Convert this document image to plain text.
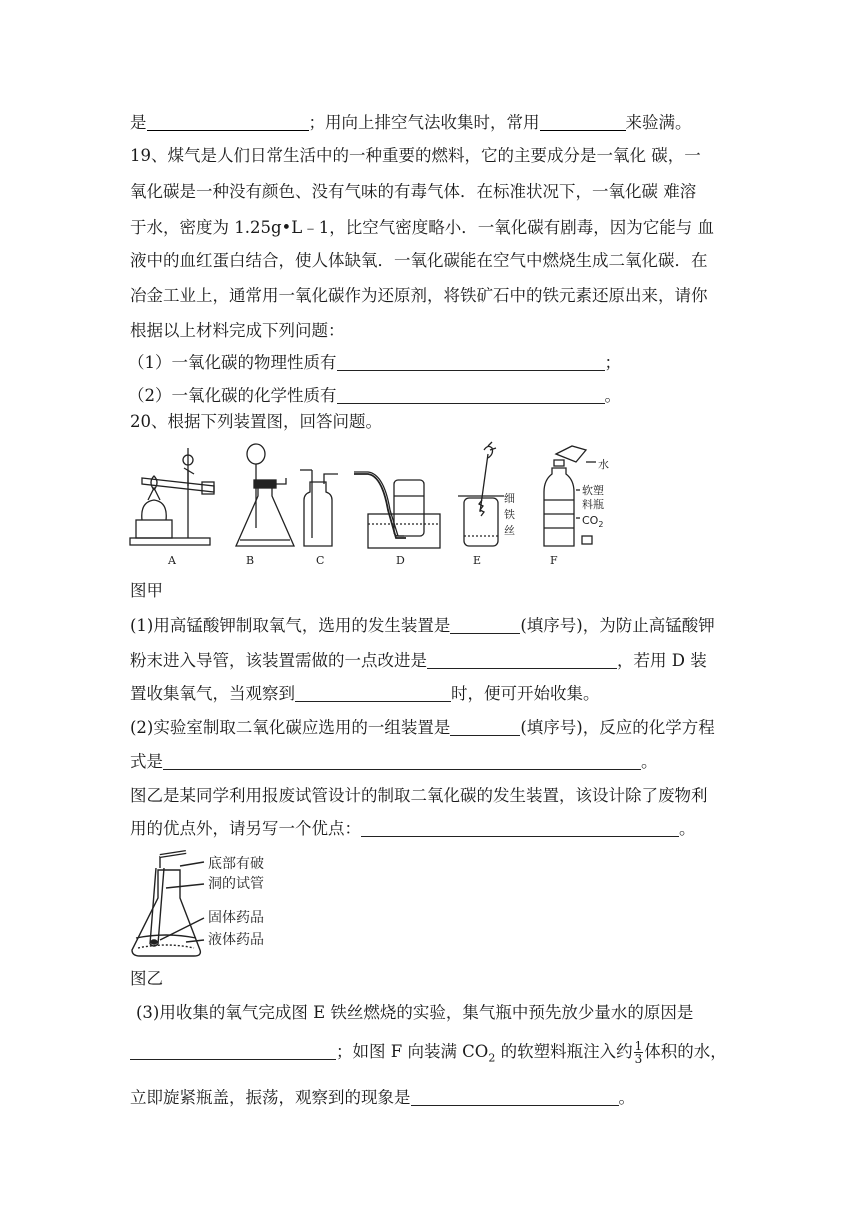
是	；用向上排空气法收集时，常用	来验满。
19、煤气是人们日常生活中的一种重要的燃料，它的主要成分是一氧化 碳，一
氧化碳是一种没有颜色、没有气味的有毒气体．在标准状况下，一氧化碳 难溶
于水，密度为 1.25g•L﹣1，比空气密度略小．一氧化碳有剧毒，因为它能与 血
液中的血红蛋白结合，使人体缺氧．一氧化碳能在空气中燃烧生成二氧化碳．在
冶金工业上，通常用一氧化碳作为还原剂，将铁矿石中的铁元素还原出来，请你
根据以上材料完成下列问题：
（1）一氧化碳的物理性质有	；
（2）一氧化碳的化学性质有	。
20、根据下列装置图，回答问题。
A	B	C	D	E	F
细
铁
丝
水
软塑
料瓶
$CO_2$
图甲
(1)用高锰酸钾制取氧气，选用的发生装置是	(填序号)，为防止高锰酸钾
粉末进入导管，该装置需做的一点改进是	，若用 D 装
置收集氧气，当观察到	时，便可开始收集。
(2)实验室制取二氧化碳应选用的一组装置是	(填序号)，反应的化学方程
式是	。
图乙是某同学利用报废试管设计的制取二氧化碳的发生装置，该设计除了废物利
用的优点外，请另写一个优点：	。
底部有破
洞的试管
固体药品
液体药品
图乙
(3)用收集的氧气完成图 E 铁丝燃烧的实验，集气瓶中预先放少量水的原因是
；如图 F 向装满 $CO_2$ 的软塑料瓶注入约 $\frac{1}{3}$ 体积的水，
立即旋紧瓶盖，振荡，观察到的现象是	。
